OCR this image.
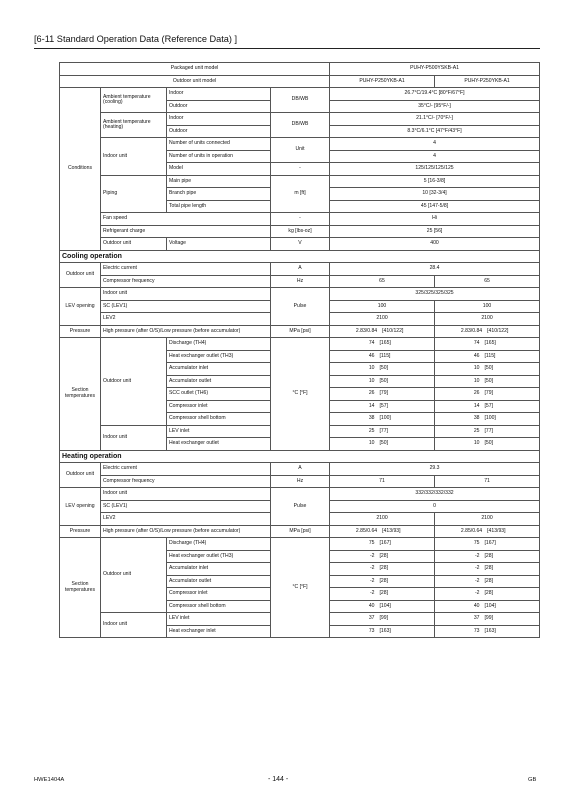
[6-11 Standard Operation Data (Reference Data) ]
Packaged unit model				PUHY-P500YSKB-A1	
Outdoor unit model				PUHY-P250YKB-A1	PUHY-P250YKB-A1
Conditions	Ambient temperature (cooling)	Indoor	DB/WB	26.7°C/19.4°C [80°F/67°F]	
		Outdoor		35°C/- [95°F/-]	
	Ambient temperature (heating)	Indoor	DB/WB	21.1°C/- [70°F/-]	
		Outdoor		8.3°C/6.1°C [47°F/43°F]	
	Indoor unit	Number of units connected	Unit	4	
		Number of units in operation		4	
		Model	-	125/125/125/125	
	Piping	Main pipe	m [ft]	5 [16-3/8]	
		Branch pipe		10 [32-3/4]	
		Total pipe length		45 [147-5/8]	
	Fan speed		-	Hi	
	Refrigerant charge		kg [lbs-oz]	25 [56]	
	Outdoor unit	Voltage	V	400	

Cooling operation					
Outdoor unit	Electric current		A	28.4	
	Compressor frequency		Hz	65	65
LEV opening	Indoor unit		Pulse	325/325/325/325	
	SC (LEV1)			100	100
	LEV2			2100	2100
Pressure	High pressure (after O/S)/Low pressure (before accumulator)		MPa [psi]	2.83/0.84 [410/122]	2.83/0.84 [410/122]
Section temperatures	Outdoor unit	Discharge (TH4)	°C [°F]	74 [165]	74 [165]
		Heat exchanger outlet (TH3)		46 [115]	46 [115]
		Accumulator inlet		10 [50]	10 [50]
		Accumulator outlet		10 [50]	10 [50]
		SCC outlet (TH6)		26 [79]	26 [79]
		Compressor inlet		14 [57]	14 [57]
		Compressor shell bottom		38 [100]	38 [100]
	Indoor unit	LEV inlet		25 [77]	25 [77]
		Heat exchanger outlet		10 [50]	10 [50]
Heating operation					
Outdoor unit	Electric current		A	29.3	
	Compressor frequency		Hz	71	71
LEV opening	Indoor unit		Pulse	332/332/332/332	
	SC (LEV1)			0	
	LEV2			2100	2100
Pressure	High pressure (after O/S)/Low pressure (before accumulator)		MPa [psi]	2.85/0.64 [413/93]	2.85/0.64 [413/93]
Section temperatures	Outdoor unit	Discharge (TH4)	°C [°F]	75 [167]	75 [167]
		Heat exchanger outlet (TH3)		-2 [28]	-2 [28]
		Accumulator inlet		-2 [28]	-2 [28]
		Accumulator outlet		-2 [28]	-2 [28]
		Compressor inlet		-2 [28]	-2 [28]
		Compressor shell bottom		40 [104]	40 [104]
	Indoor unit	LEV inlet		37 [99]	37 [99]
		Heat exchanger inlet		73 [163]	73 [163]
HWE1404A	- 144 -	GB
